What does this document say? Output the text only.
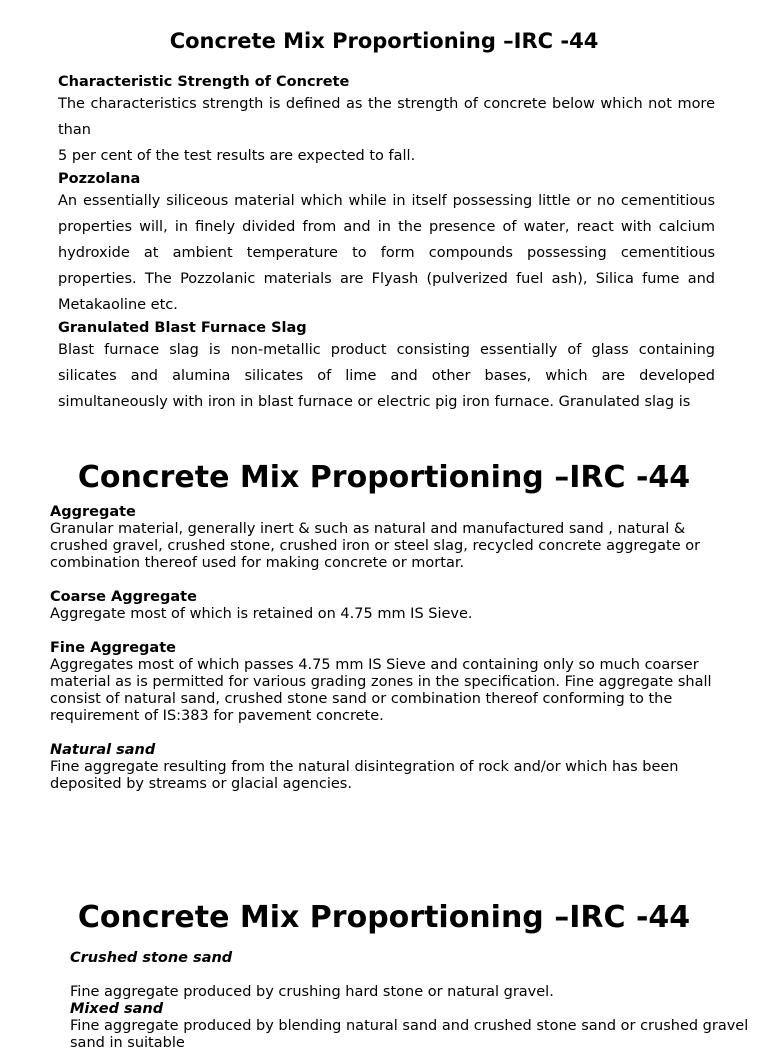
Concrete Mix Proportioning –IRC -44
Characteristic Strength of Concrete

The characteristics strength is defined as the strength of concrete below which not more than

5 per cent of the test results are expected to fall.

Pozzolana

An essentially siliceous material which while in itself possessing little or no cementitious properties will, in finely divided from and in the presence of water, react with calcium hydroxide at ambient temperature to form compounds possessing cementitious properties. The Pozzolanic materials are Flyash (pulverized fuel ash), Silica fume and Metakaoline etc.

Granulated Blast Furnace Slag

Blast furnace slag is non-metallic product consisting essentially of glass containing silicates and alumina silicates of lime and other bases, which are developed simultaneously with iron in blast furnace or electric pig iron furnace. Granulated slag is

Concrete Mix Proportioning –IRC -44
Aggregate

Granular material, generally inert & such as natural and manufactured sand , natural & crushed gravel, crushed stone, crushed iron or steel slag, recycled concrete aggregate or combination thereof used for making concrete or mortar.

Coarse Aggregate

Aggregate most of which is retained on 4.75 mm IS Sieve.

Fine Aggregate

Aggregates most of which passes 4.75 mm IS Sieve and containing only so much coarser material as is permitted for various grading zones in the specification. Fine aggregate shall consist of natural sand, crushed stone sand or combination thereof conforming to the requirement of IS:383 for pavement concrete.

Natural sand

Fine aggregate resulting from the natural disintegration of rock and/or which has been deposited by streams or glacial agencies.

Concrete Mix Proportioning –IRC -44
Crushed stone sand

Fine aggregate produced by crushing hard stone or natural gravel.

Mixed sand

Fine aggregate produced by blending natural sand and crushed stone sand or crushed gravel sand in suitable
